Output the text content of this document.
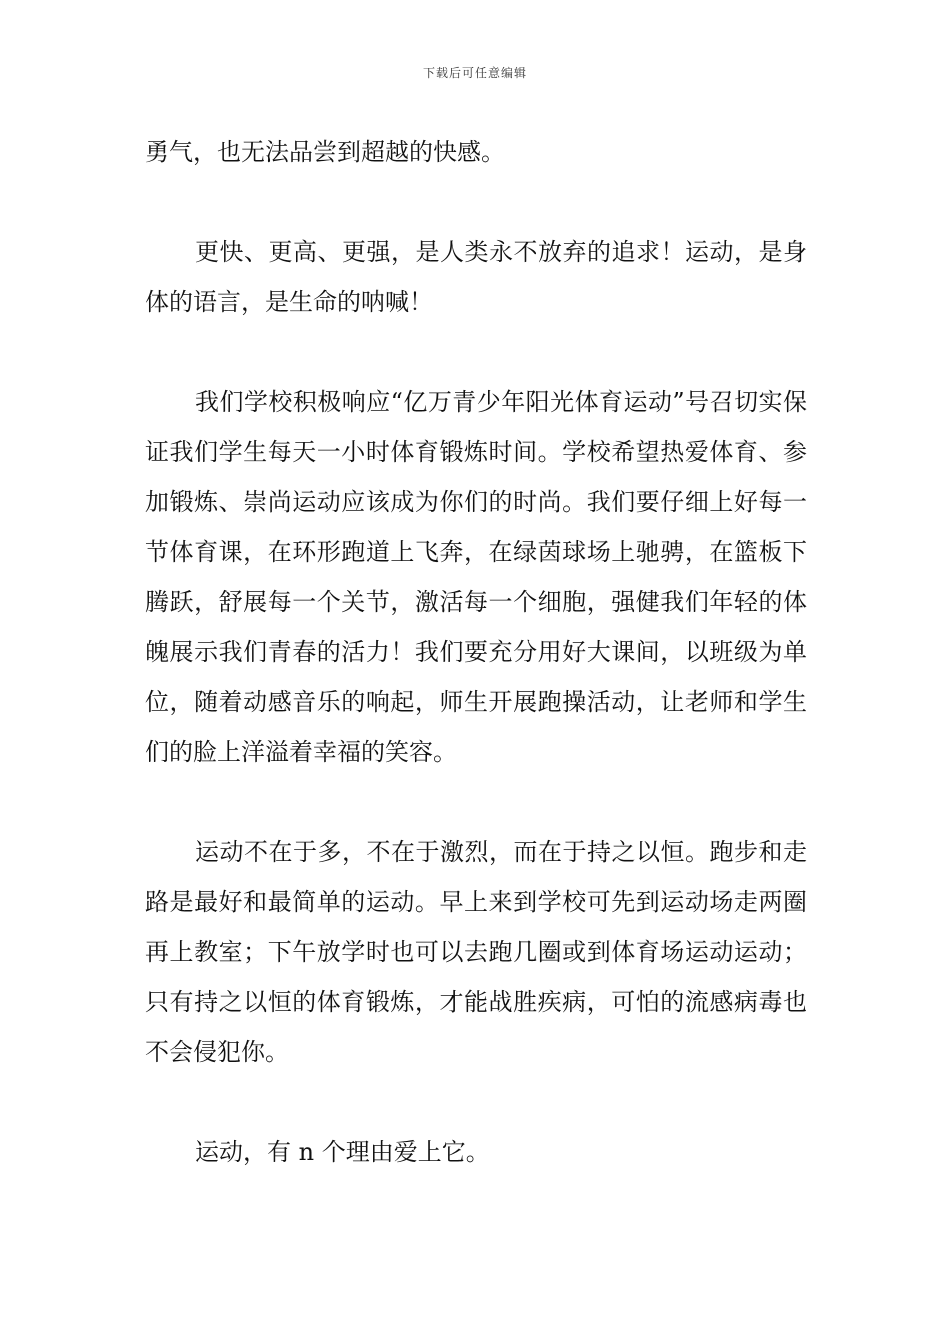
下载后可任意编辑

勇气，也无法品尝到超越的快感。

更快、更高、更强，是人类永不放弃的追求！运动，是身体的语言，是生命的呐喊！

我们学校积极响应“亿万青少年阳光体育运动”号召切实保证我们学生每天一小时体育锻炼时间。学校希望热爱体育、参加锻炼、崇尚运动应该成为你们的时尚。我们要仔细上好每一节体育课，在环形跑道上飞奔，在绿茵球场上驰骋，在篮板下腾跃，舒展每一个关节，激活每一个细胞，强健我们年轻的体魄展示我们青春的活力！我们要充分用好大课间，以班级为单位，随着动感音乐的响起，师生开展跑操活动，让老师和学生们的脸上洋溢着幸福的笑容。

运动不在于多，不在于激烈，而在于持之以恒。跑步和走路是最好和最简单的运动。早上来到学校可先到运动场走两圈再上教室；下午放学时也可以去跑几圈或到体育场运动运动；只有持之以恒的体育锻炼，才能战胜疾病，可怕的流感病毒也不会侵犯你。

运动，有 n 个理由爱上它。
